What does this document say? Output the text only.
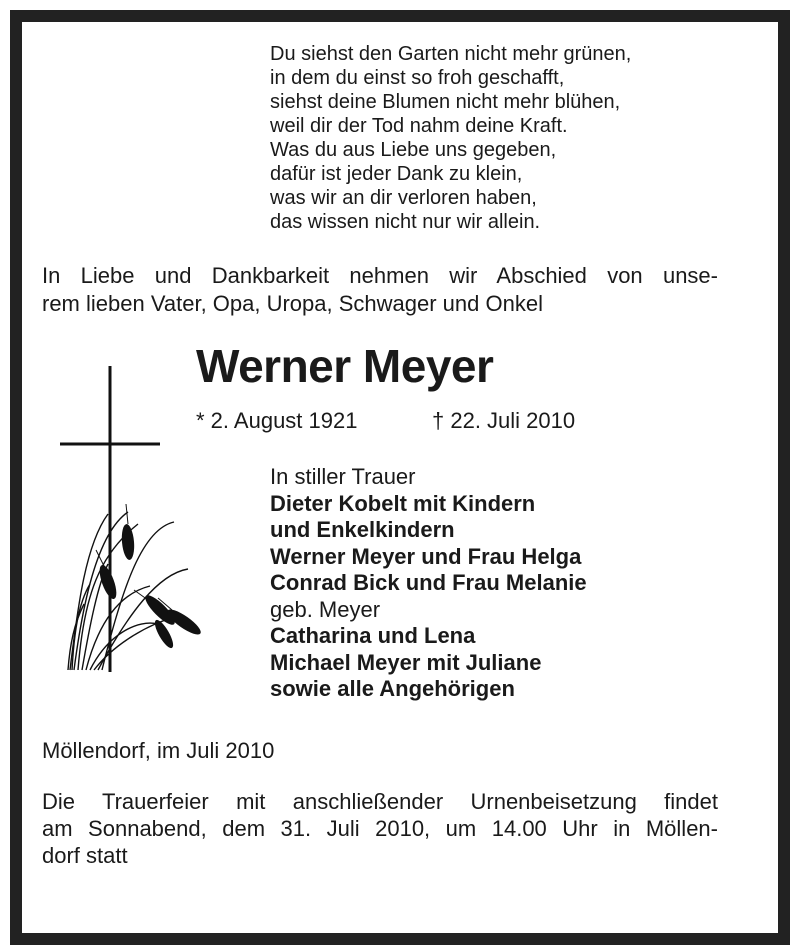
Du siehst den Garten nicht mehr grünen,
in dem du einst so froh geschafft,
siehst deine Blumen nicht mehr blühen,
weil dir der Tod nahm deine Kraft.
Was du aus Liebe uns gegeben,
dafür ist jeder Dank zu klein,
was wir an dir verloren haben,
das wissen nicht nur wir allein.
In Liebe und Dankbarkeit nehmen wir Abschied von unse-
rem lieben Vater, Opa, Uropa, Schwager und Onkel
Werner Meyer
* 2. August 1921	† 22. Juli 2010
In stiller Trauer
Dieter Kobelt mit Kindern
und Enkelkindern
Werner Meyer und Frau Helga
Conrad Bick und Frau Melanie
geb. Meyer
Catharina und Lena
Michael Meyer mit Juliane
sowie alle Angehörigen
Möllendorf, im Juli 2010
Die Trauerfeier mit anschließender Urnenbeisetzung findet
am Sonnabend, dem 31. Juli 2010, um 14.00 Uhr in Möllen-
dorf statt
